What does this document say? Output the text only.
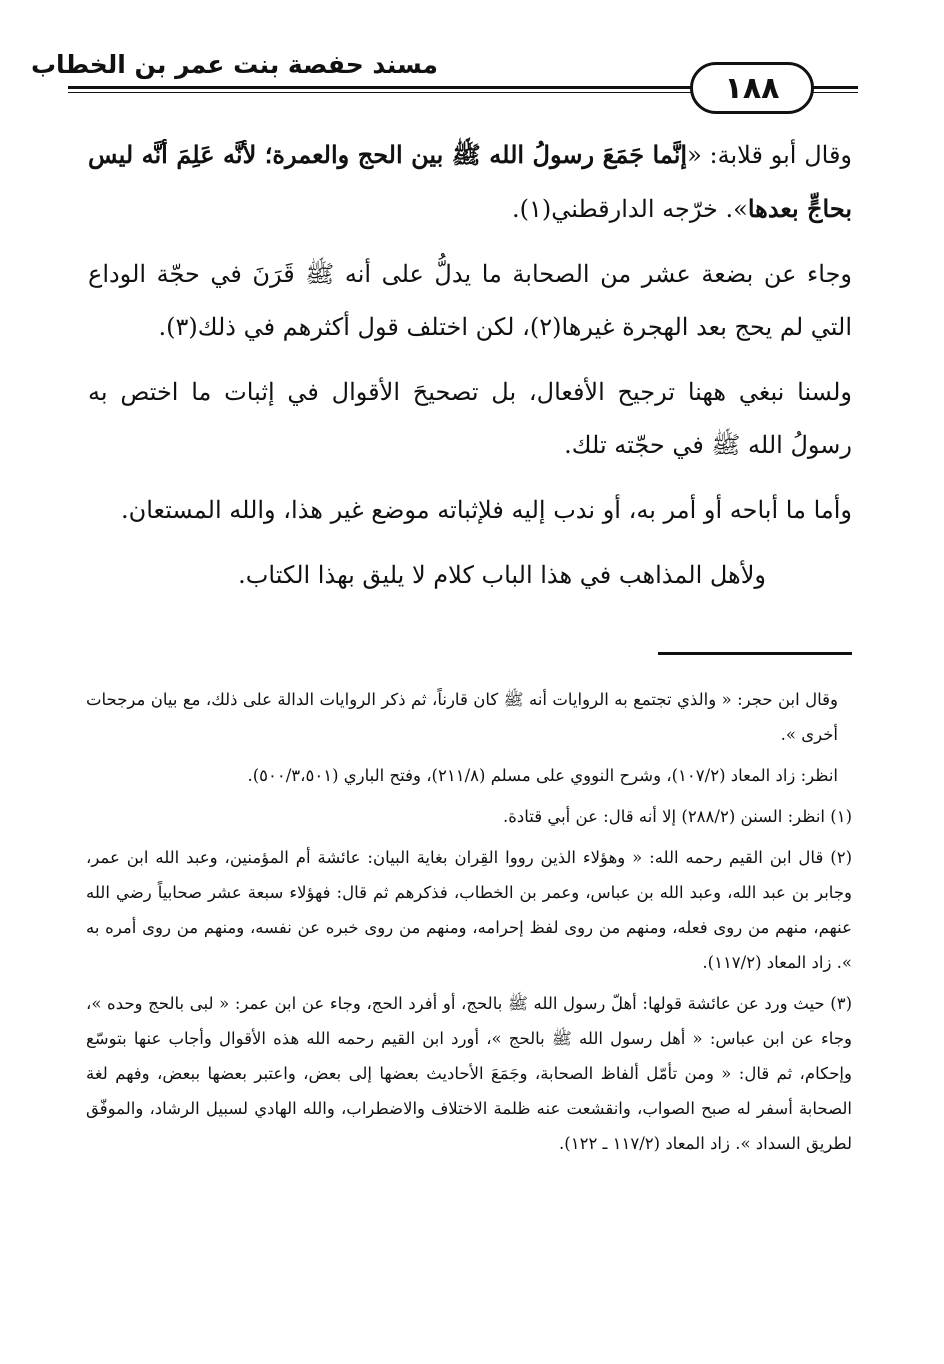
مسند حفصة بنت عمر بن الخطاب
١٨٨

وقال أبو قلابة: «إنَّما جَمَعَ رسولُ الله ﷺ بين الحج والعمرة؛ لأنَّه عَلِمَ أنَّه ليس بحاجٍّ بعدها». خرّجه الدارقطني(١).

وجاء عن بضعة عشر من الصحابة ما يدلُّ على أنه ﷺ قَرَنَ في حجّة الوداع التي لم يحج بعد الهجرة غيرها(٢)، لكن اختلف قول أكثرهم في ذلك(٣).

ولسنا نبغي ههنا ترجيح الأفعال، بل تصحيحَ الأقوال في إثبات ما اختص به رسولُ الله ﷺ في حجّته تلك.

وأما ما أباحه أو أمر به، أو ندب إليه فلإثباته موضع غير هذا، والله المستعان.

ولأهل المذاهب في هذا الباب كلام لا يليق بهذا الكتاب.

وقال ابن حجر: « والذي تجتمع به الروايات أنه ﷺ كان قارناً، ثم ذكر الروايات الدالة على ذلك، مع بيان مرجحات أخرى ».

انظر: زاد المعاد (١٠٧/٢)، وشرح النووي على مسلم (٢١١/٨)، وفتح الباري (٥٠٠/٣،٥٠١).

(١) انظر: السنن (٢٨٨/٢) إلا أنه قال: عن أبي قتادة.

(٢) قال ابن القيم رحمه الله: « وهؤلاء الذين رووا القِران بغاية البيان: عائشة أم المؤمنين، وعبد الله ابن عمر، وجابر بن عبد الله، وعبد الله بن عباس، وعمر بن الخطاب، فذكرهم ثم قال: فهؤلاء سبعة عشر صحابياً رضي الله عنهم، منهم من روى فعله، ومنهم من روى لفظ إحرامه، ومنهم من روى خبره عن نفسه، ومنهم من روى أمره به ». زاد المعاد (١١٧/٢).

(٣) حيث ورد عن عائشة قولها: أهلّ رسول الله ﷺ بالحج، أو أفرد الحج، وجاء عن ابن عمر: « لبى بالحج وحده »، وجاء عن ابن عباس: « أهل رسول الله ﷺ بالحج »، أورد ابن القيم رحمه الله هذه الأقوال وأجاب عنها بتوسّع وإحكام، ثم قال: « ومن تأمّل ألفاظ الصحابة، وجَمَعَ الأحاديث بعضها إلى بعض، واعتبر بعضها ببعض، وفهم لغة الصحابة أسفر له صبح الصواب، وانقشعت عنه ظلمة الاختلاف والاضطراب، والله الهادي لسبيل الرشاد، والموفّق لطريق السداد ». زاد المعاد (١١٧/٢ ـ ١٢٢).
